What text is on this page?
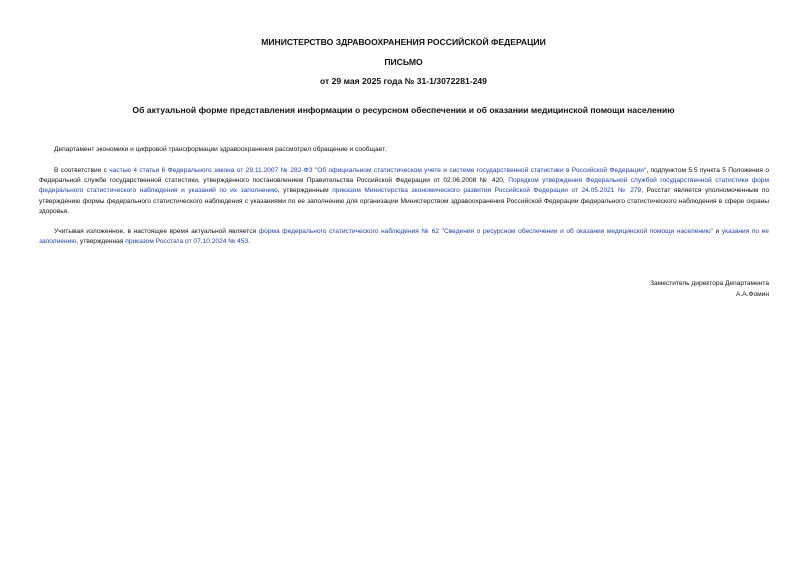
МИНИСТЕРСТВО ЗДРАВООХРАНЕНИЯ РОССИЙСКОЙ ФЕДЕРАЦИИ
ПИСЬМО
от 29 мая 2025 года № 31-1/3072281-249
Об актуальной форме представления информации о ресурсном обеспечении и об оказании медицинской помощи населению
Департамент экономики и цифровой трансформации здравоохранения рассмотрел обращение и сообщает.
В соответствии с частью 4 статьи 6 Федерального закона от 29.11.2007 № 282-ФЗ "Об официальном статистическом учете и системе государственной статистики в Российской Федерации", подпунктом 5.5 пункта 5 Положения о Федеральной службе государственной статистики, утвержденного постановлением Правительства Российской Федерации от 02.06.2008 № 420, Порядком утверждения Федеральной службой государственной статистики форм федерального статистического наблюдения и указаний по их заполнению, утвержденным приказом Министерства экономического развития Российской Федерации от 24.05.2021 № 279, Росстат является уполномоченным по утверждению формы федерального статистического наблюдения с указаниями по ее заполнению для организации Министерством здравоохранения Российской Федерации федерального статистического наблюдения в сфере охраны здоровья.
Учитывая изложенное, в настоящее время актуальной является форма федерального статистического наблюдения № 62 "Сведения о ресурсном обеспечении и об оказании медицинской помощи населению" и указания по ее заполнению, утвержденная приказом Росстата от 07.10.2024 № 453.
Заместитель директора Департамента
А.А.Фомин
